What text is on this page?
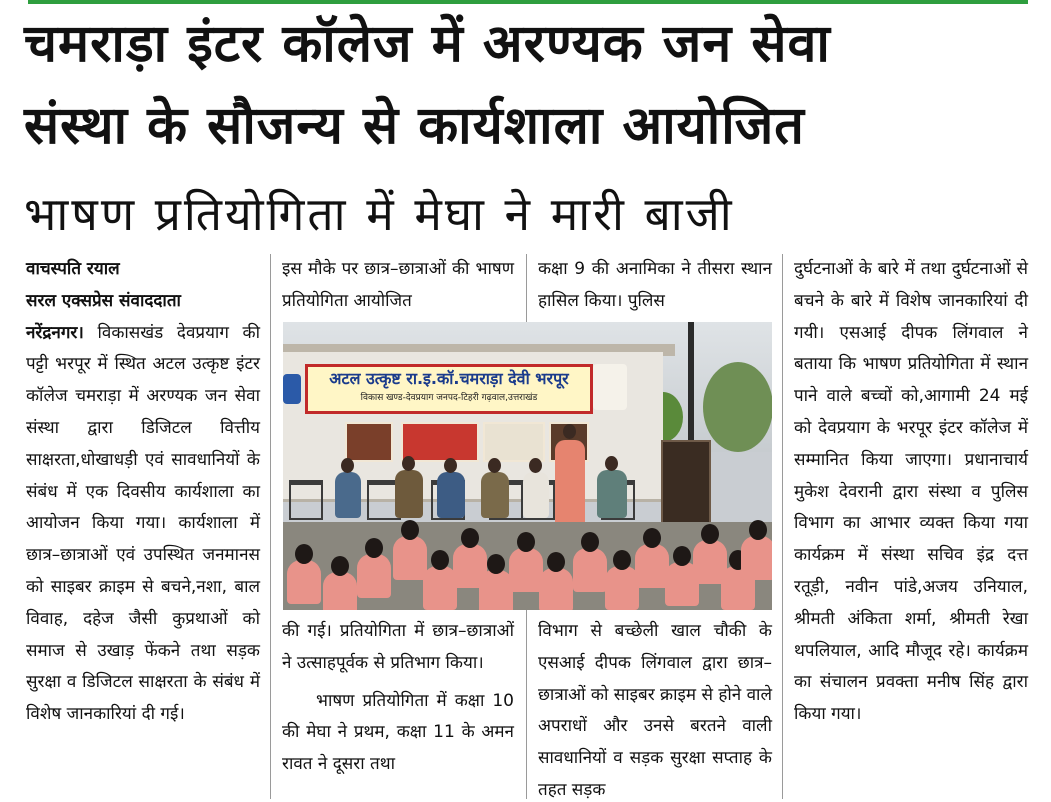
चमराड़ा इंटर कॉलेज में अरण्यक जन सेवा
संस्था के सौजन्य से कार्यशाला आयोजित
भाषण प्रतियोगिता में मेघा ने मारी बाजी

वाचस्पति रयाल

सरल एक्सप्रेस संवाददाता

नरेंद्रनगर। विकासखंड देवप्रयाग की पट्टी भरपूर में स्थित अटल उत्कृष्ट इंटर कॉलेज चमराड़ा में अरण्यक जन सेवा संस्था द्वारा डिजिटल वित्तीय साक्षरता,धोखाधड़ी एवं सावधानियों के संबंध में एक दिवसीय कार्यशाला का आयोजन किया गया। कार्यशाला में छात्र–छात्राओं एवं उपस्थित जनमानस को साइबर क्राइम से बचने,नशा, बाल विवाह, दहेज जैसी कुप्रथाओं को समाज से उखाड़ फेंकने तथा सड़क सुरक्षा व डिजिटल साक्षरता के संबंध में विशेष जानकारियां दी गई।

इस मौके पर छात्र–छात्राओं की भाषण प्रतियोगिता आयोजित

की गई। प्रतियोगिता में छात्र–छात्राओं ने उत्साहपूर्वक से प्रतिभाग किया।

भाषण प्रतियोगिता में कक्षा 10 की मेघा ने प्रथम, कक्षा 11 के अमन रावत ने दूसरा तथा

कक्षा 9 की अनामिका ने तीसरा स्थान हासिल किया। पुलिस

विभाग से बच्छेली खाल चौकी के एसआई दीपक लिंगवाल द्वारा छात्र–छात्राओं को साइबर क्राइम से होने वाले अपराधों और उनसे बरतने वाली सावधानियों व सड़क सुरक्षा सप्ताह के तहत सड़क

दुर्घटनाओं के बारे में तथा दुर्घटनाओं से बचने के बारे में विशेष जानकारियां दी गयी। एसआई दीपक लिंगवाल ने बताया कि भाषण प्रतियोगिता में स्थान पाने वाले बच्चों को,आगामी 24 मई को देवप्रयाग के भरपूर इंटर कॉलेज में सम्मानित किया जाएगा। प्रधानाचार्य मुकेश देवरानी द्वारा संस्था व पुलिस विभाग का आभार व्यक्त किया गया कार्यक्रम में संस्था सचिव इंद्र दत्त रतूड़ी, नवीन पांडे,अजय उनियाल, श्रीमती अंकिता शर्मा, श्रीमती रेखा थपलियाल, आदि मौजूद रहे। कार्यक्रम का संचालन प्रवक्ता मनीष सिंह द्वारा किया गया।

अटल उत्कृष्ट रा.इ.कॉ.चमराड़ा देवी भरपूर
विकास खण्ड-देवप्रयाग जनपद-टिहरी गढ़वाल,उत्तराखंड
